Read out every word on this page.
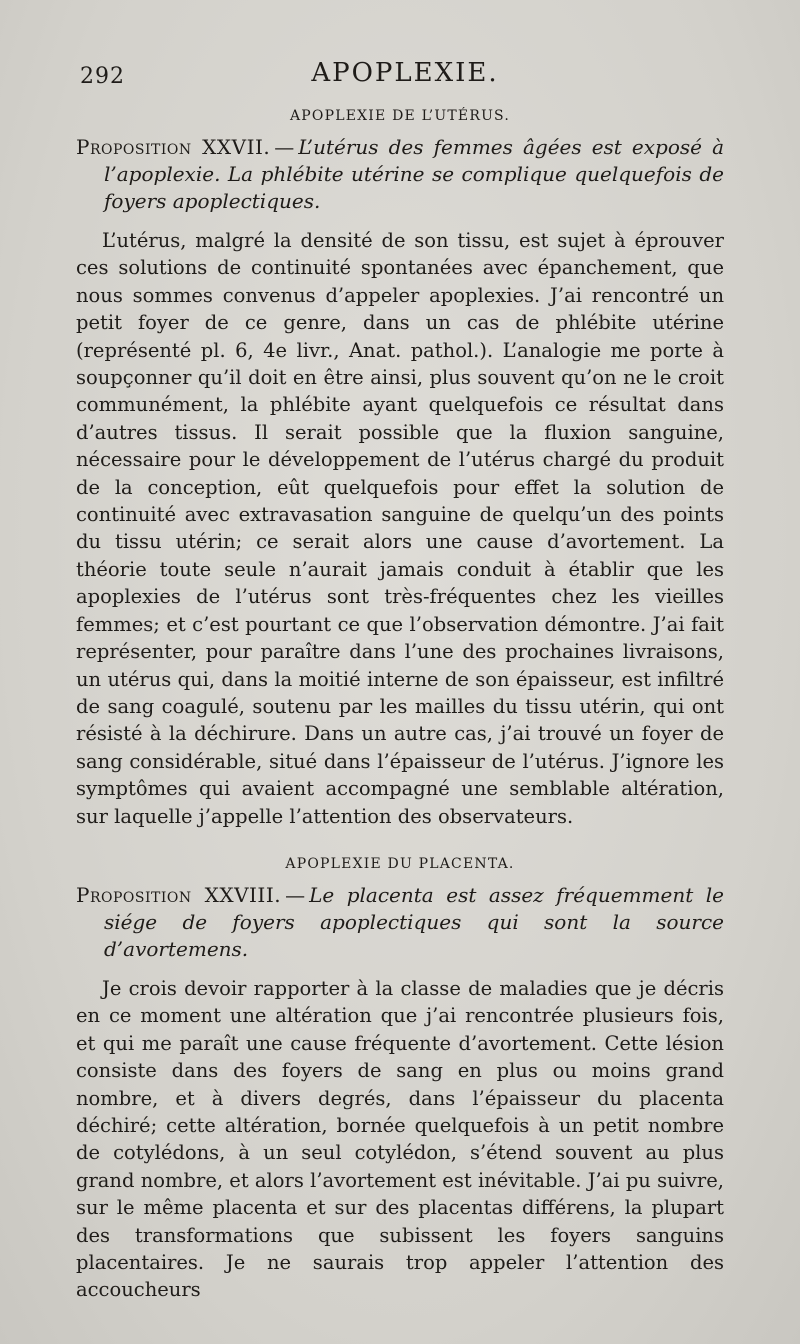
292	APOPLEXIE.
APOPLEXIE DE L’UTÉRUS.

Proposition XXVII. — L’utérus des femmes âgées est exposé à l’apoplexie. La phlébite utérine se complique quelquefois de foyers apoplectiques.

L’utérus, malgré la densité de son tissu, est sujet à éprouver ces solutions de continuité spontanées avec épanchement, que nous sommes convenus d’appeler apoplexies. J’ai rencontré un petit foyer de ce genre, dans un cas de phlébite utérine (représenté pl. 6, 4e livr., Anat. pathol.). L’analogie me porte à soupçonner qu’il doit en être ainsi, plus souvent qu’on ne le croit communément, la phlébite ayant quelquefois ce résultat dans d’autres tissus. Il serait possible que la fluxion sanguine, nécessaire pour le développement de l’utérus chargé du produit de la conception, eût quelquefois pour effet la solution de continuité avec extravasation sanguine de quelqu’un des points du tissu utérin; ce serait alors une cause d’avortement. La théorie toute seule n’aurait jamais conduit à établir que les apoplexies de l’utérus sont très-fréquentes chez les vieilles femmes; et c’est pourtant ce que l’observation démontre. J’ai fait représenter, pour paraître dans l’une des prochaines livraisons, un utérus qui, dans la moitié interne de son épaisseur, est infiltré de sang coagulé, soutenu par les mailles du tissu utérin, qui ont résisté à la déchirure. Dans un autre cas, j’ai trouvé un foyer de sang considérable, situé dans l’épaisseur de l’utérus. J’ignore les symptômes qui avaient accompagné une semblable altération, sur laquelle j’appelle l’attention des observateurs.

APOPLEXIE DU PLACENTA.

Proposition XXVIII. — Le placenta est assez fréquemment le siége de foyers apoplectiques qui sont la source d’avortemens.

Je crois devoir rapporter à la classe de maladies que je décris en ce moment une altération que j’ai rencontrée plusieurs fois, et qui me paraît une cause fréquente d’avortement. Cette lésion consiste dans des foyers de sang en plus ou moins grand nombre, et à divers degrés, dans l’épaisseur du placenta déchiré; cette altération, bornée quelquefois à un petit nombre de cotylédons, à un seul cotylédon, s’étend souvent au plus grand nombre, et alors l’avortement est inévitable. J’ai pu suivre, sur le même placenta et sur des placentas différens, la plupart des transformations que subissent les foyers sanguins placentaires. Je ne saurais trop appeler l’attention des accoucheurs
